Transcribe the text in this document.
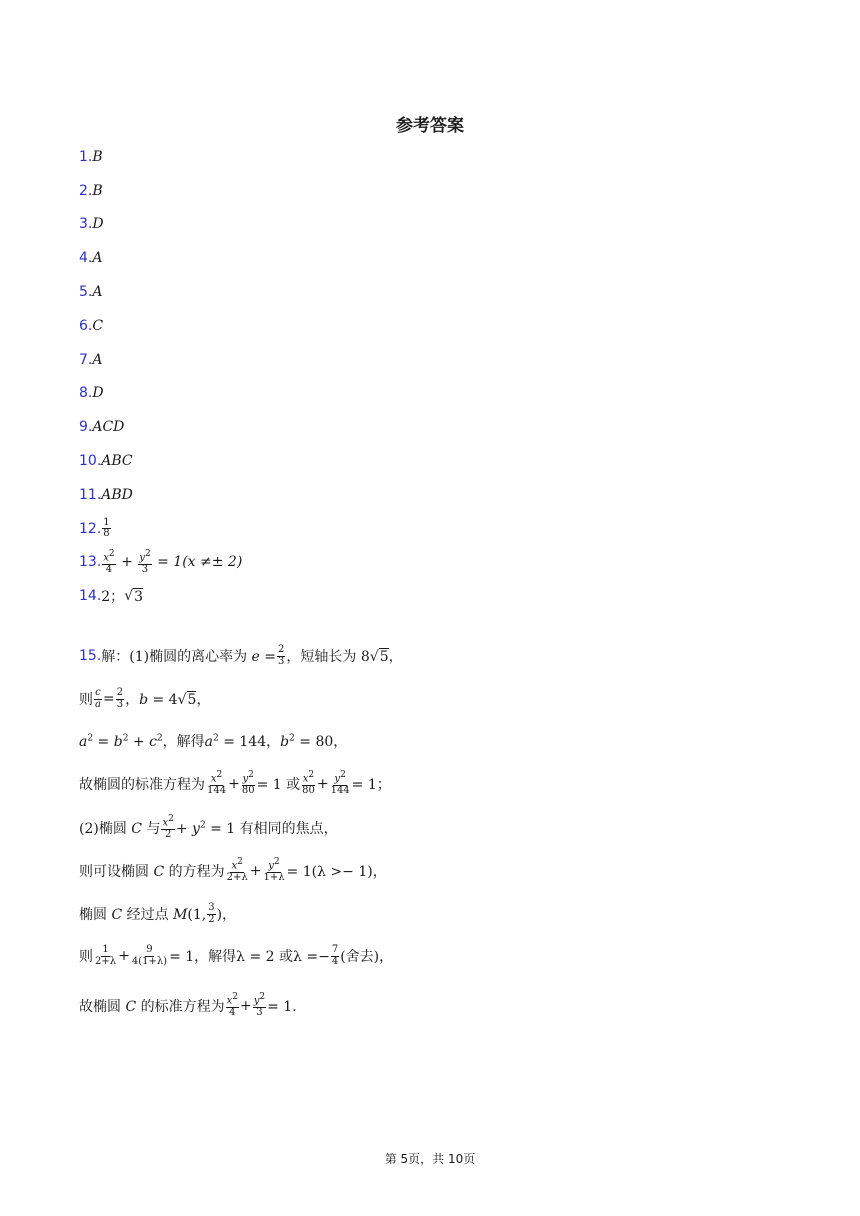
参考答案
1. B
2. B
3. D
4. A
5. A
6. C
7. A
8. D
9. ACD
10. ABC
11. ABD
12. $\frac{1}{8}$
13. $\frac{x^2}{4} + \frac{y^2}{3}$
= 1(x ≠± 2)
14. 2； √ 3
15. 解：(1)椭圆的离心率为 $e = \frac{2}{3}$ ，短轴长为 8√5，
则 $\frac{c}{a} = \frac{2}{3}$ ，b = 4√5，
$a^2 = b^2 + c^2$，解得$a^2 = 144$，$b^2 = 80$，
故椭圆的标准方程为 $\frac{x^2}{144} + \frac{y^2}{80} = 1$ 或 $\frac{x^2}{80} + \frac{y^2}{144} = 1$；
(2)椭圆 C 与 $\frac{x^2}{2} + y^2 = 1$ 有相同的焦点，
则可设椭圆 C 的方程为 $\frac{x^2}{2+\lambda} + \frac{y^2}{1+\lambda} = 1(\lambda >- 1)$，
椭圆 C 经过点 M(1, $\frac{3}{2}$ )，
则 $\frac{1}{2+\lambda} + \frac{9}{4(1+\lambda)} = 1$，解得λ = 2 或$\lambda =- \frac{7}{4}$ (舍去)，
故椭圆 C 的标准方程为 $\frac{x^2}{4} + \frac{y^2}{3} = 1$．
第 5页，共 10页
